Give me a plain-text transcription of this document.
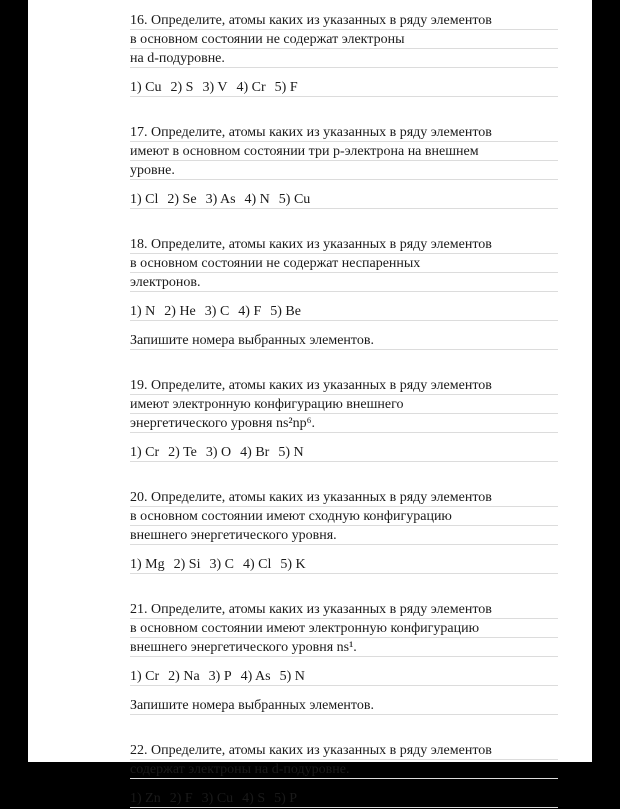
16. Определите, атомы каких из указанных в ряду элементов
в основном состоянии не содержат электроны
на d-подуровне.
1) Cu 2) S 3) V 4) Cr 5) F
17. Определите, атомы каких из указанных в ряду элементов
имеют в основном состоянии три p-электрона на внешнем
уровне.
1) Cl 2) Se 3) As 4) N 5) Cu
18. Определите, атомы каких из указанных в ряду элементов
в основном состоянии не содержат неспаренных
электронов.
1) N 2) He 3) C 4) F 5) Be
Запишите номера выбранных элементов.
19. Определите, атомы каких из указанных в ряду элементов
имеют электронную конфигурацию внешнего
энергетического уровня ns²np⁶.
1) Cr 2) Te 3) O 4) Br 5) N
20. Определите, атомы каких из указанных в ряду элементов
в основном состоянии имеют сходную конфигурацию
внешнего энергетического уровня.
1) Mg 2) Si 3) C 4) Cl 5) K
21. Определите, атомы каких из указанных в ряду элементов
в основном состоянии имеют электронную конфигурацию
внешнего энергетического уровня ns¹.
1) Cr 2) Na 3) P 4) As 5) N
Запишите номера выбранных элементов.
22. Определите, атомы каких из указанных в ряду элементов
содержат электроны на d-подуровне.
1) Zn 2) F 3) Cu 4) S 5) P
